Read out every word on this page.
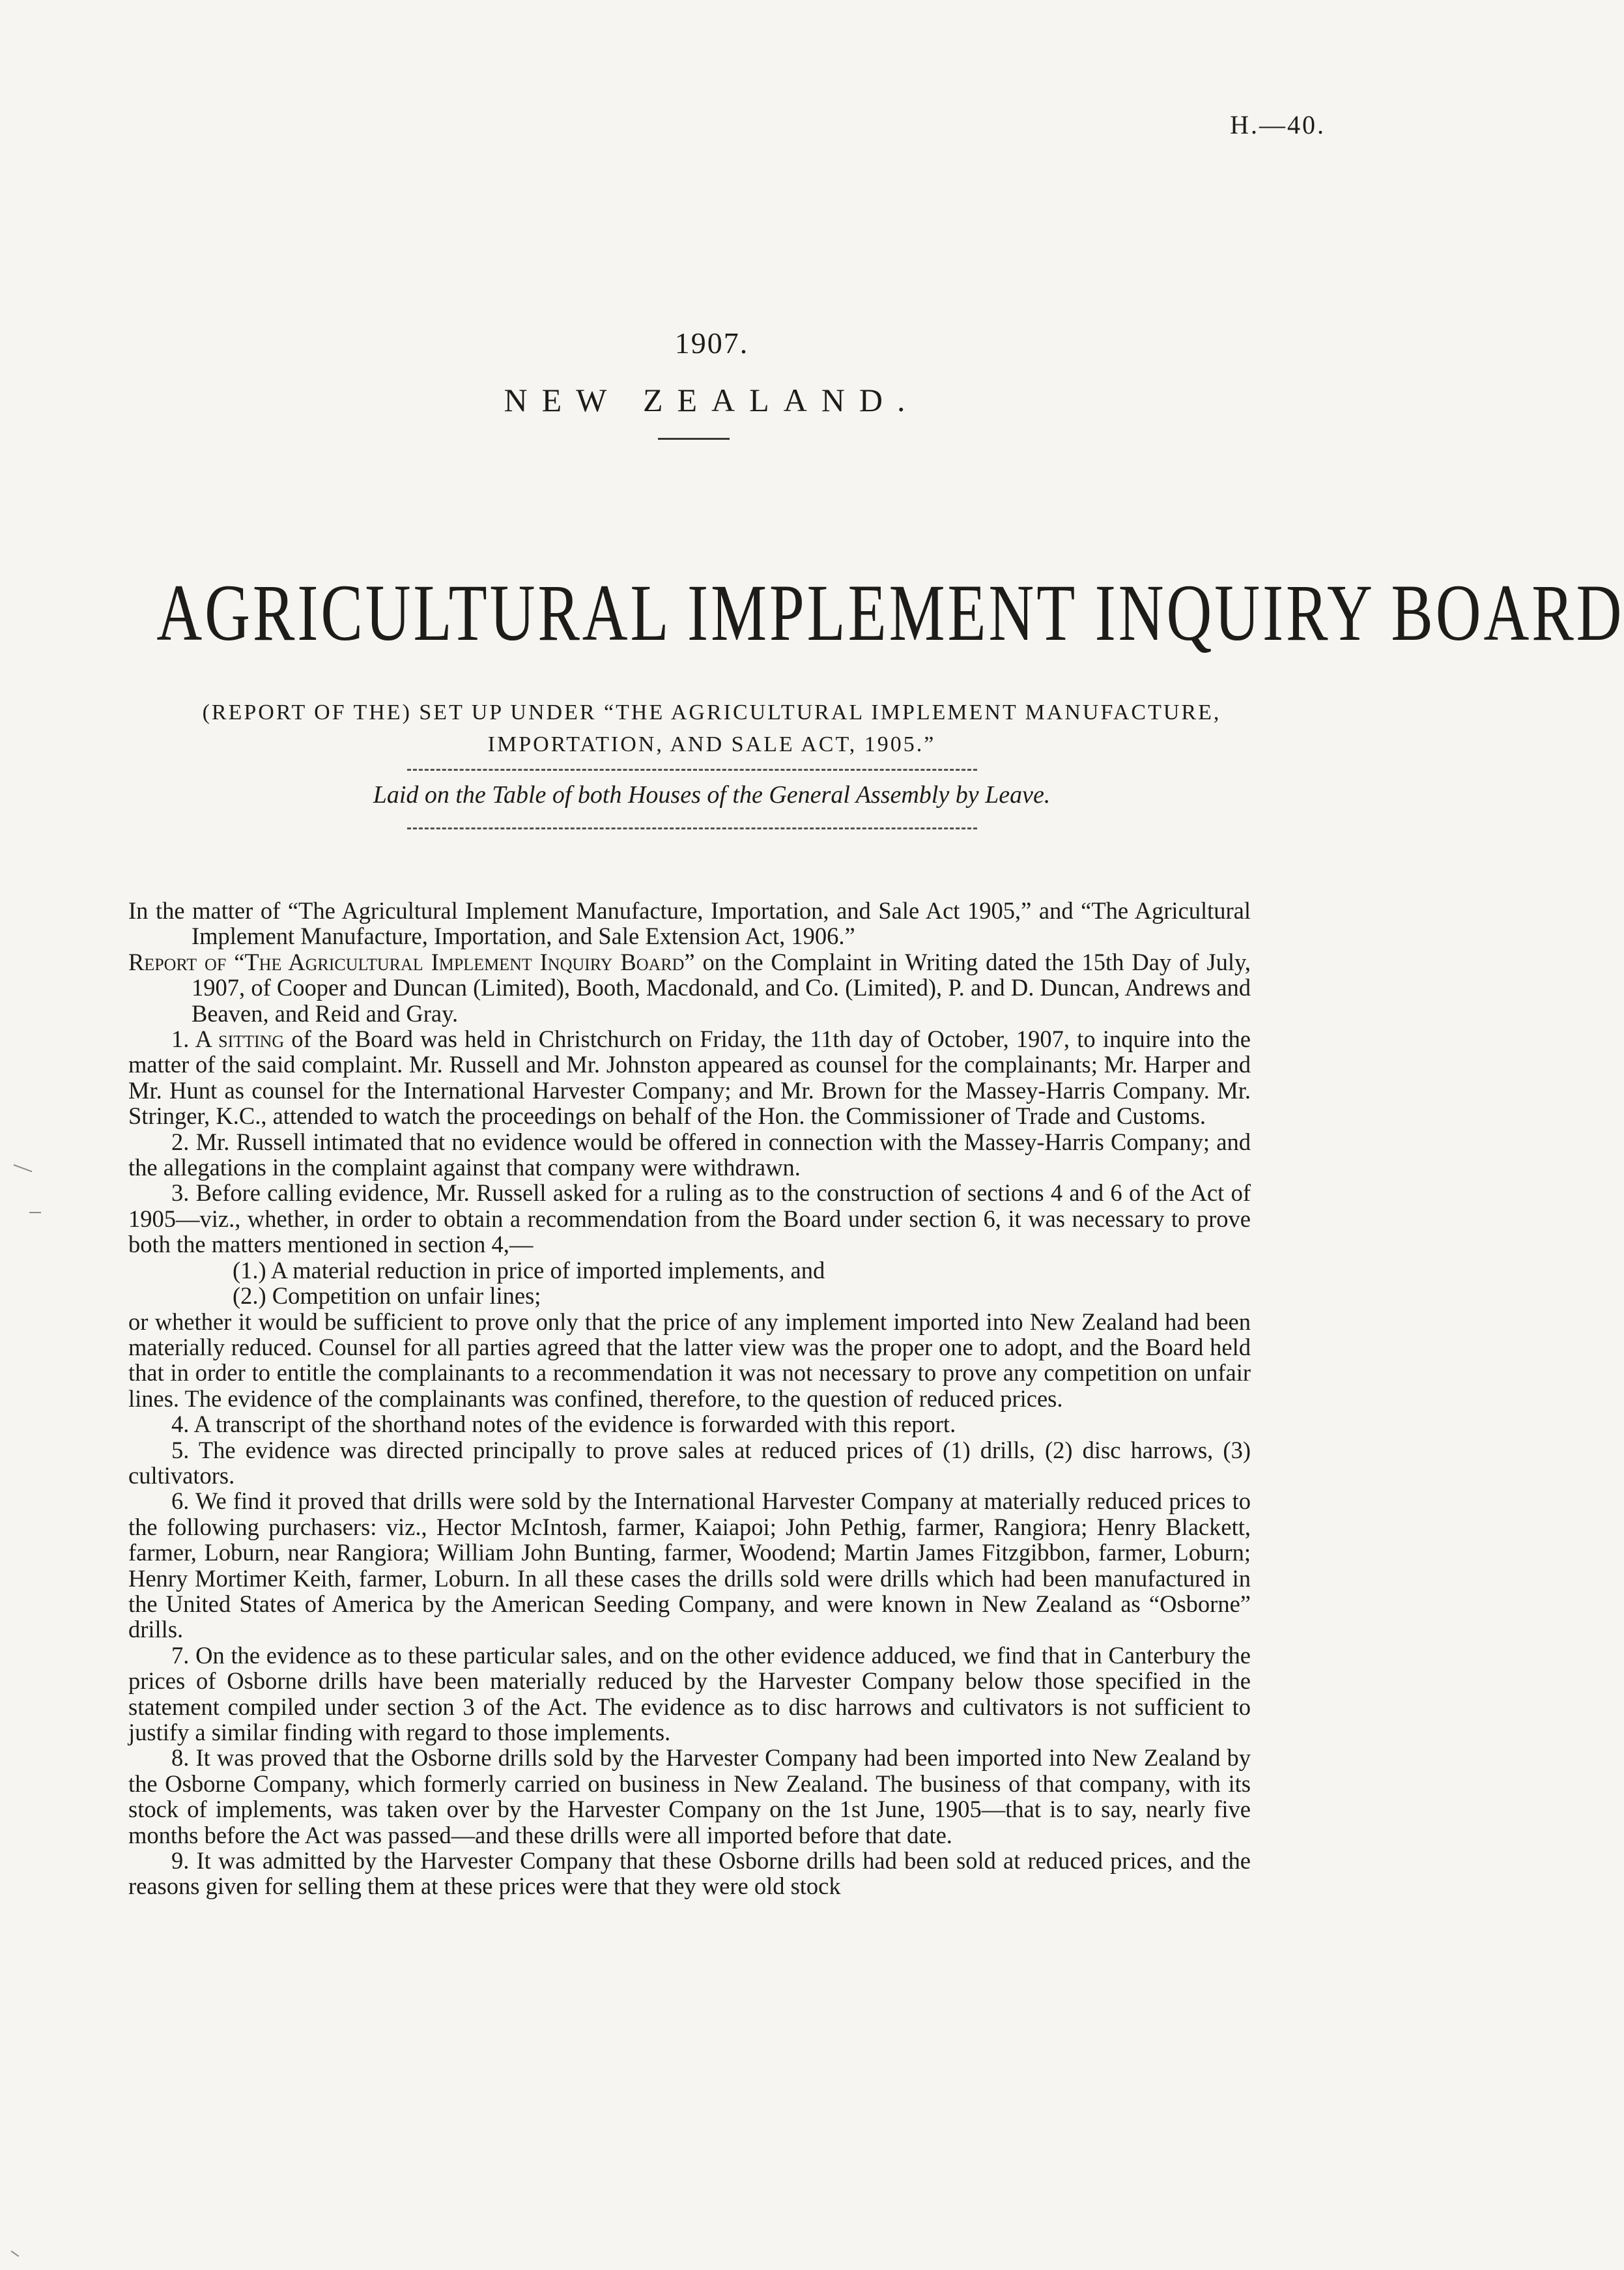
H.—40.
1907.
NEW ZEALAND.
AGRICULTURAL IMPLEMENT INQUIRY BOARD
(REPORT OF THE) SET UP UNDER “THE AGRICULTURAL IMPLEMENT MANUFACTURE,
IMPORTATION, AND SALE ACT, 1905.”
Laid on the Table of both Houses of the General Assembly by Leave.

In the matter of “The Agricultural Implement Manufacture, Importation, and Sale Act 1905,” and “The Agricultural Implement Manufacture, Importation, and Sale Extension Act, 1906.”

Report of “The Agricultural Implement Inquiry Board” on the Complaint in Writing dated the 15th Day of July, 1907, of Cooper and Duncan (Limited), Booth, Macdonald, and Co. (Limited), P. and D. Duncan, Andrews and Beaven, and Reid and Gray.

1. A sitting of the Board was held in Christchurch on Friday, the 11th day of October, 1907, to inquire into the matter of the said complaint. Mr. Russell and Mr. Johnston appeared as counsel for the complainants; Mr. Harper and Mr. Hunt as counsel for the International Harvester Company; and Mr. Brown for the Massey-Harris Company. Mr. Stringer, K.C., attended to watch the proceedings on behalf of the Hon. the Commissioner of Trade and Customs.

2. Mr. Russell intimated that no evidence would be offered in connection with the Massey-Harris Company; and the allegations in the complaint against that company were withdrawn.

3. Before calling evidence, Mr. Russell asked for a ruling as to the construction of sections 4 and 6 of the Act of 1905—viz., whether, in order to obtain a recommendation from the Board under section 6, it was necessary to prove both the matters mentioned in section 4,—

(1.) A material reduction in price of imported implements, and

(2.) Competition on unfair lines;

or whether it would be sufficient to prove only that the price of any implement imported into New Zealand had been materially reduced. Counsel for all parties agreed that the latter view was the proper one to adopt, and the Board held that in order to entitle the complainants to a recommendation it was not necessary to prove any competition on unfair lines. The evidence of the complainants was confined, therefore, to the question of reduced prices.

4. A transcript of the shorthand notes of the evidence is forwarded with this report.

5. The evidence was directed principally to prove sales at reduced prices of (1) drills, (2) disc harrows, (3) cultivators.

6. We find it proved that drills were sold by the International Harvester Company at materially reduced prices to the following purchasers: viz., Hector McIntosh, farmer, Kaiapoi; John Pethig, farmer, Rangiora; Henry Blackett, farmer, Loburn, near Rangiora; William John Bunting, farmer, Woodend; Martin James Fitzgibbon, farmer, Loburn; Henry Mortimer Keith, farmer, Loburn. In all these cases the drills sold were drills which had been manufactured in the United States of America by the American Seeding Company, and were known in New Zealand as “Osborne” drills.

7. On the evidence as to these particular sales, and on the other evidence adduced, we find that in Canterbury the prices of Osborne drills have been materially reduced by the Harvester Company below those specified in the statement compiled under section 3 of the Act. The evidence as to disc harrows and cultivators is not sufficient to justify a similar finding with regard to those implements.

8. It was proved that the Osborne drills sold by the Harvester Company had been imported into New Zealand by the Osborne Company, which formerly carried on business in New Zealand. The business of that company, with its stock of implements, was taken over by the Harvester Company on the 1st June, 1905—that is to say, nearly five months before the Act was passed—and these drills were all imported before that date.

9. It was admitted by the Harvester Company that these Osborne drills had been sold at reduced prices, and the reasons given for selling them at these prices were that they were old stock
